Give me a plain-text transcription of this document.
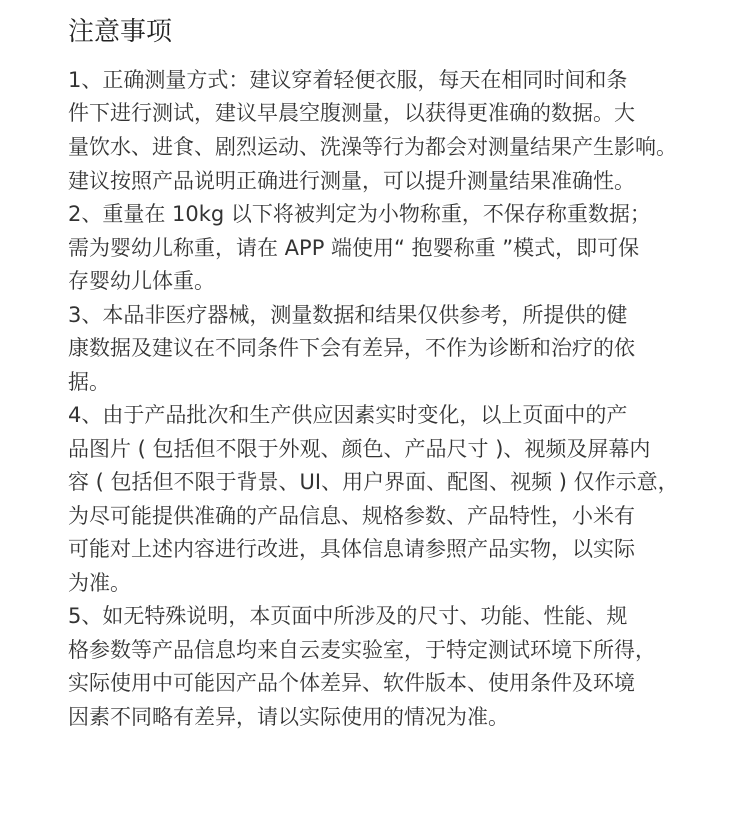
注意事项

1、正确测量方式：建议穿着轻便衣服，每天在相同时间和条

件下进行测试，建议早晨空腹测量，以获得更准确的数据。大

量饮水、进食、剧烈运动、洗澡等行为都会对测量结果产生影响。

建议按照产品说明正确进行测量，可以提升测量结果准确性。

2、重量在 10kg 以下将被判定为小物称重，不保存称重数据；

需为婴幼儿称重，请在 APP 端使用“ 抱婴称重 ”模式，即可保

存婴幼儿体重。

3、本品非医疗器械，测量数据和结果仅供参考，所提供的健

康数据及建议在不同条件下会有差异，不作为诊断和治疗的依

据。

4、由于产品批次和生产供应因素实时变化，以上页面中的产

品图片 ( 包括但不限于外观、颜色、产品尺寸 )、视频及屏幕内

容 ( 包括但不限于背景、UI、用户界面、配图、视频 ) 仅作示意，

为尽可能提供准确的产品信息、规格参数、产品特性，小米有

可能对上述内容进行改进，具体信息请参照产品实物，以实际

为准。

5、如无特殊说明，本页面中所涉及的尺寸、功能、性能、规

格参数等产品信息均来自云麦实验室，于特定测试环境下所得，

实际使用中可能因产品个体差异、软件版本、使用条件及环境

因素不同略有差异，请以实际使用的情况为准。
